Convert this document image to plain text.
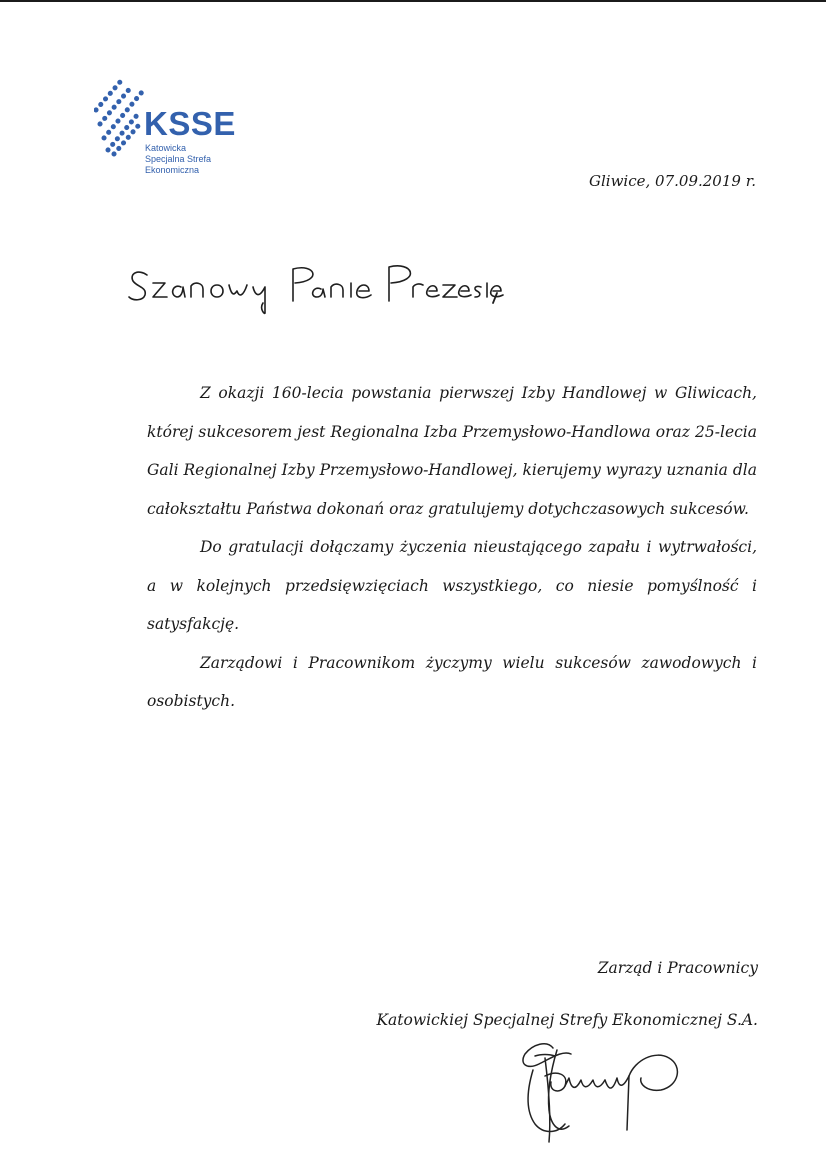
KSSE
Katowicka
Specjalna Strefa
Ekonomiczna
Gliwice, 07.09.2019 r.

Z okazji 160-lecia powstania pierwszej Izby Handlowej w Gliwicach, której sukcesorem jest Regionalna Izba Przemysłowo-Handlowa oraz 25-lecia Gali Regionalnej Izby Przemysłowo-Handlowej, kierujemy wyrazy uznania dla całokształtu Państwa dokonań oraz gratulujemy dotychczasowych sukcesów.

Do gratulacji dołączamy życzenia nieustającego zapału i wytrwałości, a w kolejnych przedsięwzięciach wszystkiego, co niesie pomyślność i satysfakcję.

Zarządowi i Pracownikom życzymy wielu sukcesów zawodowych i osobistych.

Zarząd i Pracownicy
Katowickiej Specjalnej Strefy Ekonomicznej S.A.
